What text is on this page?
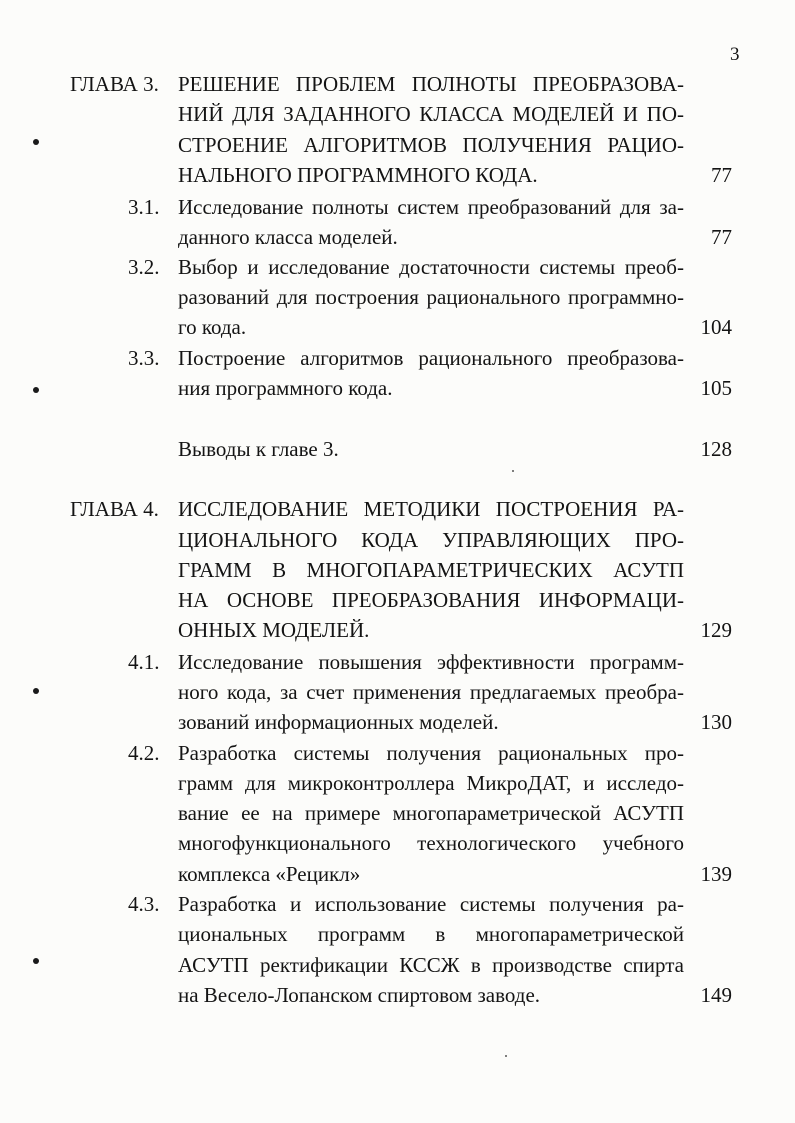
3
ГЛАВА 3. РЕШЕНИЕ ПРОБЛЕМ ПОЛНОТЫ ПРЕОБРАЗОВА-
НИЙ ДЛЯ ЗАДАННОГО КЛАССА МОДЕЛЕЙ И ПО-
СТРОЕНИЕ АЛГОРИТМОВ ПОЛУЧЕНИЯ РАЦИО-
НАЛЬНОГО ПРОГРАММНОГО КОДА.	77
3.1. Исследование полноты систем преобразований для за-
данного класса моделей.	77
3.2. Выбор и исследование достаточности системы преоб-
разований для построения рационального программно-
го кода.	104
3.3. Построение алгоритмов рационального преобразова-
ния программного кода.	105
Выводы к главе 3.	128
ГЛАВА 4. ИССЛЕДОВАНИЕ МЕТОДИКИ ПОСТРОЕНИЯ РА-
ЦИОНАЛЬНОГО КОДА УПРАВЛЯЮЩИХ ПРО-
ГРАММ В МНОГОПАРАМЕТРИЧЕСКИХ АСУТП
НА ОСНОВЕ ПРЕОБРАЗОВАНИЯ ИНФОРМАЦИ-
ОННЫХ МОДЕЛЕЙ.	129
4.1. Исследование повышения эффективности программ-
ного кода, за счет применения предлагаемых преобра-
зований информационных моделей.	130
4.2. Разработка системы получения рациональных про-
грамм для микроконтроллера МикроДАТ, и исследо-
вание ее на примере многопараметрической АСУТП
многофункционального технологического учебного
комплекса «Рецикл»	139
4.3. Разработка и использование системы получения ра-
циональных программ в многопараметрической
АСУТП ректификации КССЖ в производстве спирта
на Весело-Лопанском спиртовом заводе.	149
